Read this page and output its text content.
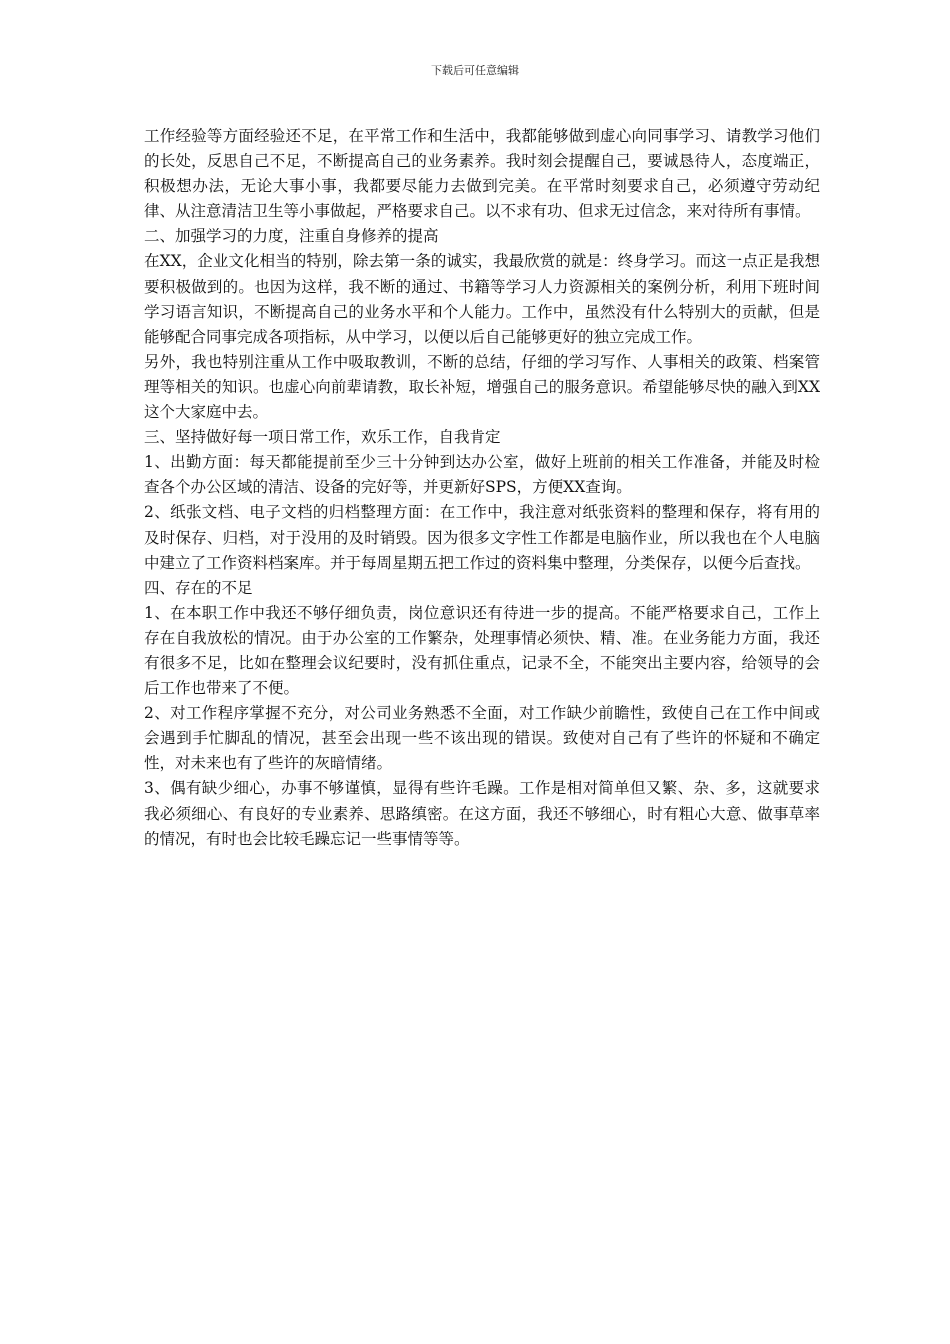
下载后可任意编辑

工作经验等方面经验还不足，在平常工作和生活中，我都能够做到虚心向同事学习、请教学习他们的长处，反思自己不足，不断提高自己的业务素养。我时刻会提醒自己，要诚恳待人，态度端正，积极想办法，无论大事小事，我都要尽能力去做到完美。在平常时刻要求自己，必须遵守劳动纪律、从注意清洁卫生等小事做起，严格要求自己。以不求有功、但求无过信念，来对待所有事情。

二、加强学习的力度，注重自身修养的提高

在XX，企业文化相当的特别，除去第一条的诚实，我最欣赏的就是：终身学习。而这一点正是我想要积极做到的。也因为这样，我不断的通过、书籍等学习人力资源相关的案例分析，利用下班时间学习语言知识，不断提高自己的业务水平和个人能力。工作中，虽然没有什么特别大的贡献，但是能够配合同事完成各项指标，从中学习，以便以后自己能够更好的独立完成工作。

另外，我也特别注重从工作中吸取教训，不断的总结，仔细的学习写作、人事相关的政策、档案管理等相关的知识。也虚心向前辈请教，取长补短，增强自己的服务意识。希望能够尽快的融入到XX这个大家庭中去。

三、坚持做好每一项日常工作，欢乐工作，自我肯定

1、出勤方面：每天都能提前至少三十分钟到达办公室，做好上班前的相关工作准备，并能及时检查各个办公区域的清洁、设备的完好等，并更新好SPS，方便XX查询。

2、纸张文档、电子文档的归档整理方面：在工作中，我注意对纸张资料的整理和保存，将有用的及时保存、归档，对于没用的及时销毁。因为很多文字性工作都是电脑作业，所以我也在个人电脑中建立了工作资料档案库。并于每周星期五把工作过的资料集中整理，分类保存，以便今后查找。

四、存在的不足

1、在本职工作中我还不够仔细负责，岗位意识还有待进一步的提高。不能严格要求自己，工作上存在自我放松的情况。由于办公室的工作繁杂，处理事情必须快、精、准。在业务能力方面，我还有很多不足，比如在整理会议纪要时，没有抓住重点，记录不全，不能突出主要内容，给领导的会后工作也带来了不便。

2、对工作程序掌握不充分，对公司业务熟悉不全面，对工作缺少前瞻性，致使自己在工作中间或会遇到手忙脚乱的情况，甚至会出现一些不该出现的错误。致使对自己有了些许的怀疑和不确定性，对未来也有了些许的灰暗情绪。

3、偶有缺少细心，办事不够谨慎，显得有些许毛躁。工作是相对简单但又繁、杂、多，这就要求我必须细心、有良好的专业素养、思路缜密。在这方面，我还不够细心，时有粗心大意、做事草率的情况，有时也会比较毛躁忘记一些事情等等。
